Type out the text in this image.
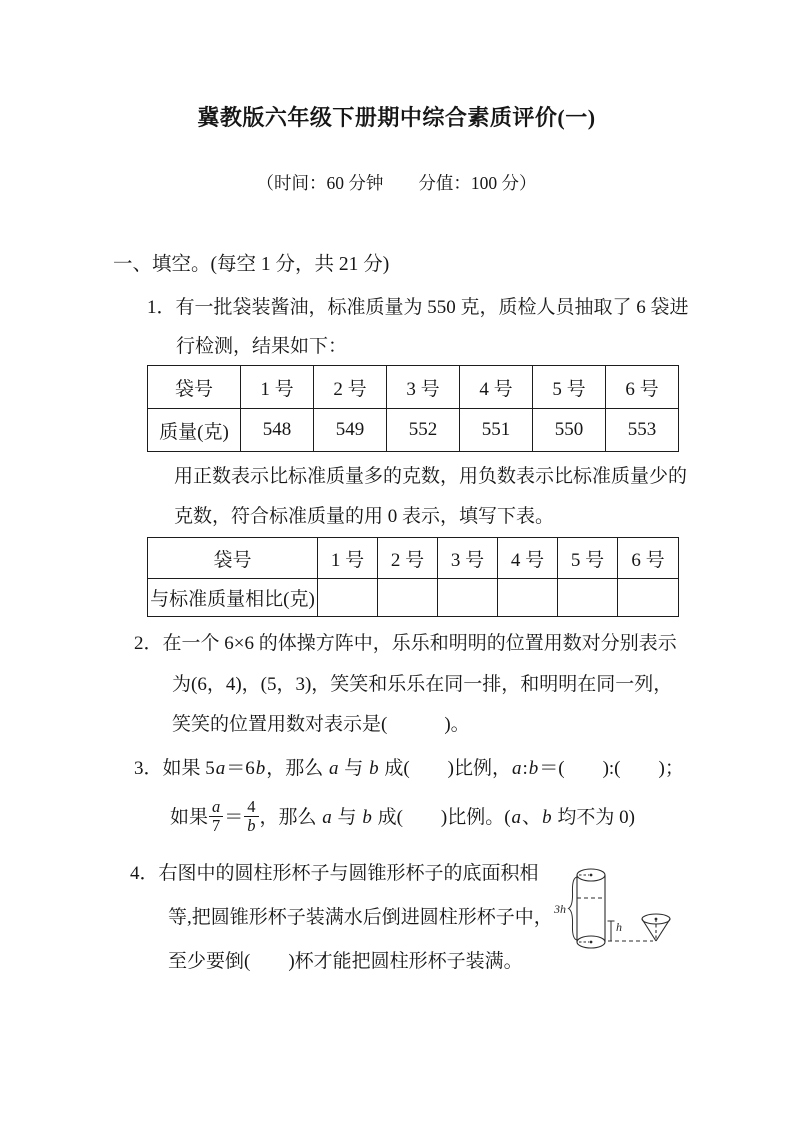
冀教版六年级下册期中综合素质评价(一)
（时间：60 分钟　　分值：100 分）
一、填空。(每空 1 分，共 21 分)
1．有一批袋装酱油，标准质量为 550 克，质检人员抽取了 6 袋进
行检测，结果如下：
袋号	1 号	2 号	3 号	4 号	5 号	6 号
质量(克)	548	549	552	551	550	553
用正数表示比标准质量多的克数，用负数表示比标准质量少的
克数，符合标准质量的用 0 表示，填写下表。
袋号	1 号	2 号	3 号	4 号	5 号	6 号
与标准质量相比(克)						
2．在一个 6×6 的体操方阵中，乐乐和明明的位置用数对分别表示
为(6，4)，(5，3)，笑笑和乐乐在同一排，和明明在同一列，
笑笑的位置用数对表示是(　　　)。
3．如果 5a＝6b，那么 a 与 b 成(　　)比例，a:b＝(　　):(　　)；
如果 $\frac{a}{7} = \frac{4}{b}$ ，那么 a 与 b 成(　　)比例。(a、b 均不为 0)
4．右图中的圆柱形杯子与圆锥形杯子的底面积相
等,把圆锥形杯子装满水后倒进圆柱形杯子中，
至少要倒(　　)杯才能把圆柱形杯子装满。
3h
h
